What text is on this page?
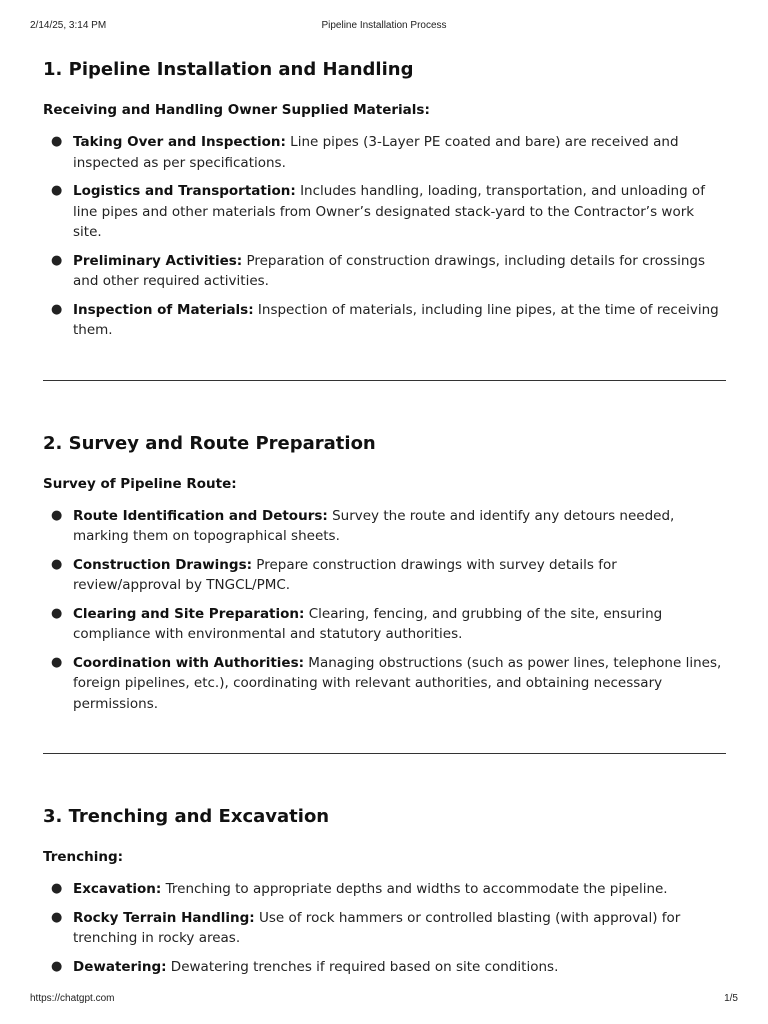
2/14/25, 3:14 PM	Pipeline Installation Process
1. Pipeline Installation and Handling
Receiving and Handling Owner Supplied Materials:
● Taking Over and Inspection: Line pipes (3-Layer PE coated and bare) are received and inspected as per specifications.
● Logistics and Transportation: Includes handling, loading, transportation, and unloading of line pipes and other materials from Owner’s designated stack-yard to the Contractor’s work site.
● Preliminary Activities: Preparation of construction drawings, including details for crossings and other required activities.
● Inspection of Materials: Inspection of materials, including line pipes, at the time of receiving them.
2. Survey and Route Preparation
Survey of Pipeline Route:
● Route Identification and Detours: Survey the route and identify any detours needed, marking them on topographical sheets.
● Construction Drawings: Prepare construction drawings with survey details for review/approval by TNGCL/PMC.
● Clearing and Site Preparation: Clearing, fencing, and grubbing of the site, ensuring compliance with environmental and statutory authorities.
● Coordination with Authorities: Managing obstructions (such as power lines, telephone lines, foreign pipelines, etc.), coordinating with relevant authorities, and obtaining necessary permissions.
3. Trenching and Excavation
Trenching:
● Excavation: Trenching to appropriate depths and widths to accommodate the pipeline.
● Rocky Terrain Handling: Use of rock hammers or controlled blasting (with approval) for trenching in rocky areas.
● Dewatering: Dewatering trenches if required based on site conditions.
https://chatgpt.com	1/5
